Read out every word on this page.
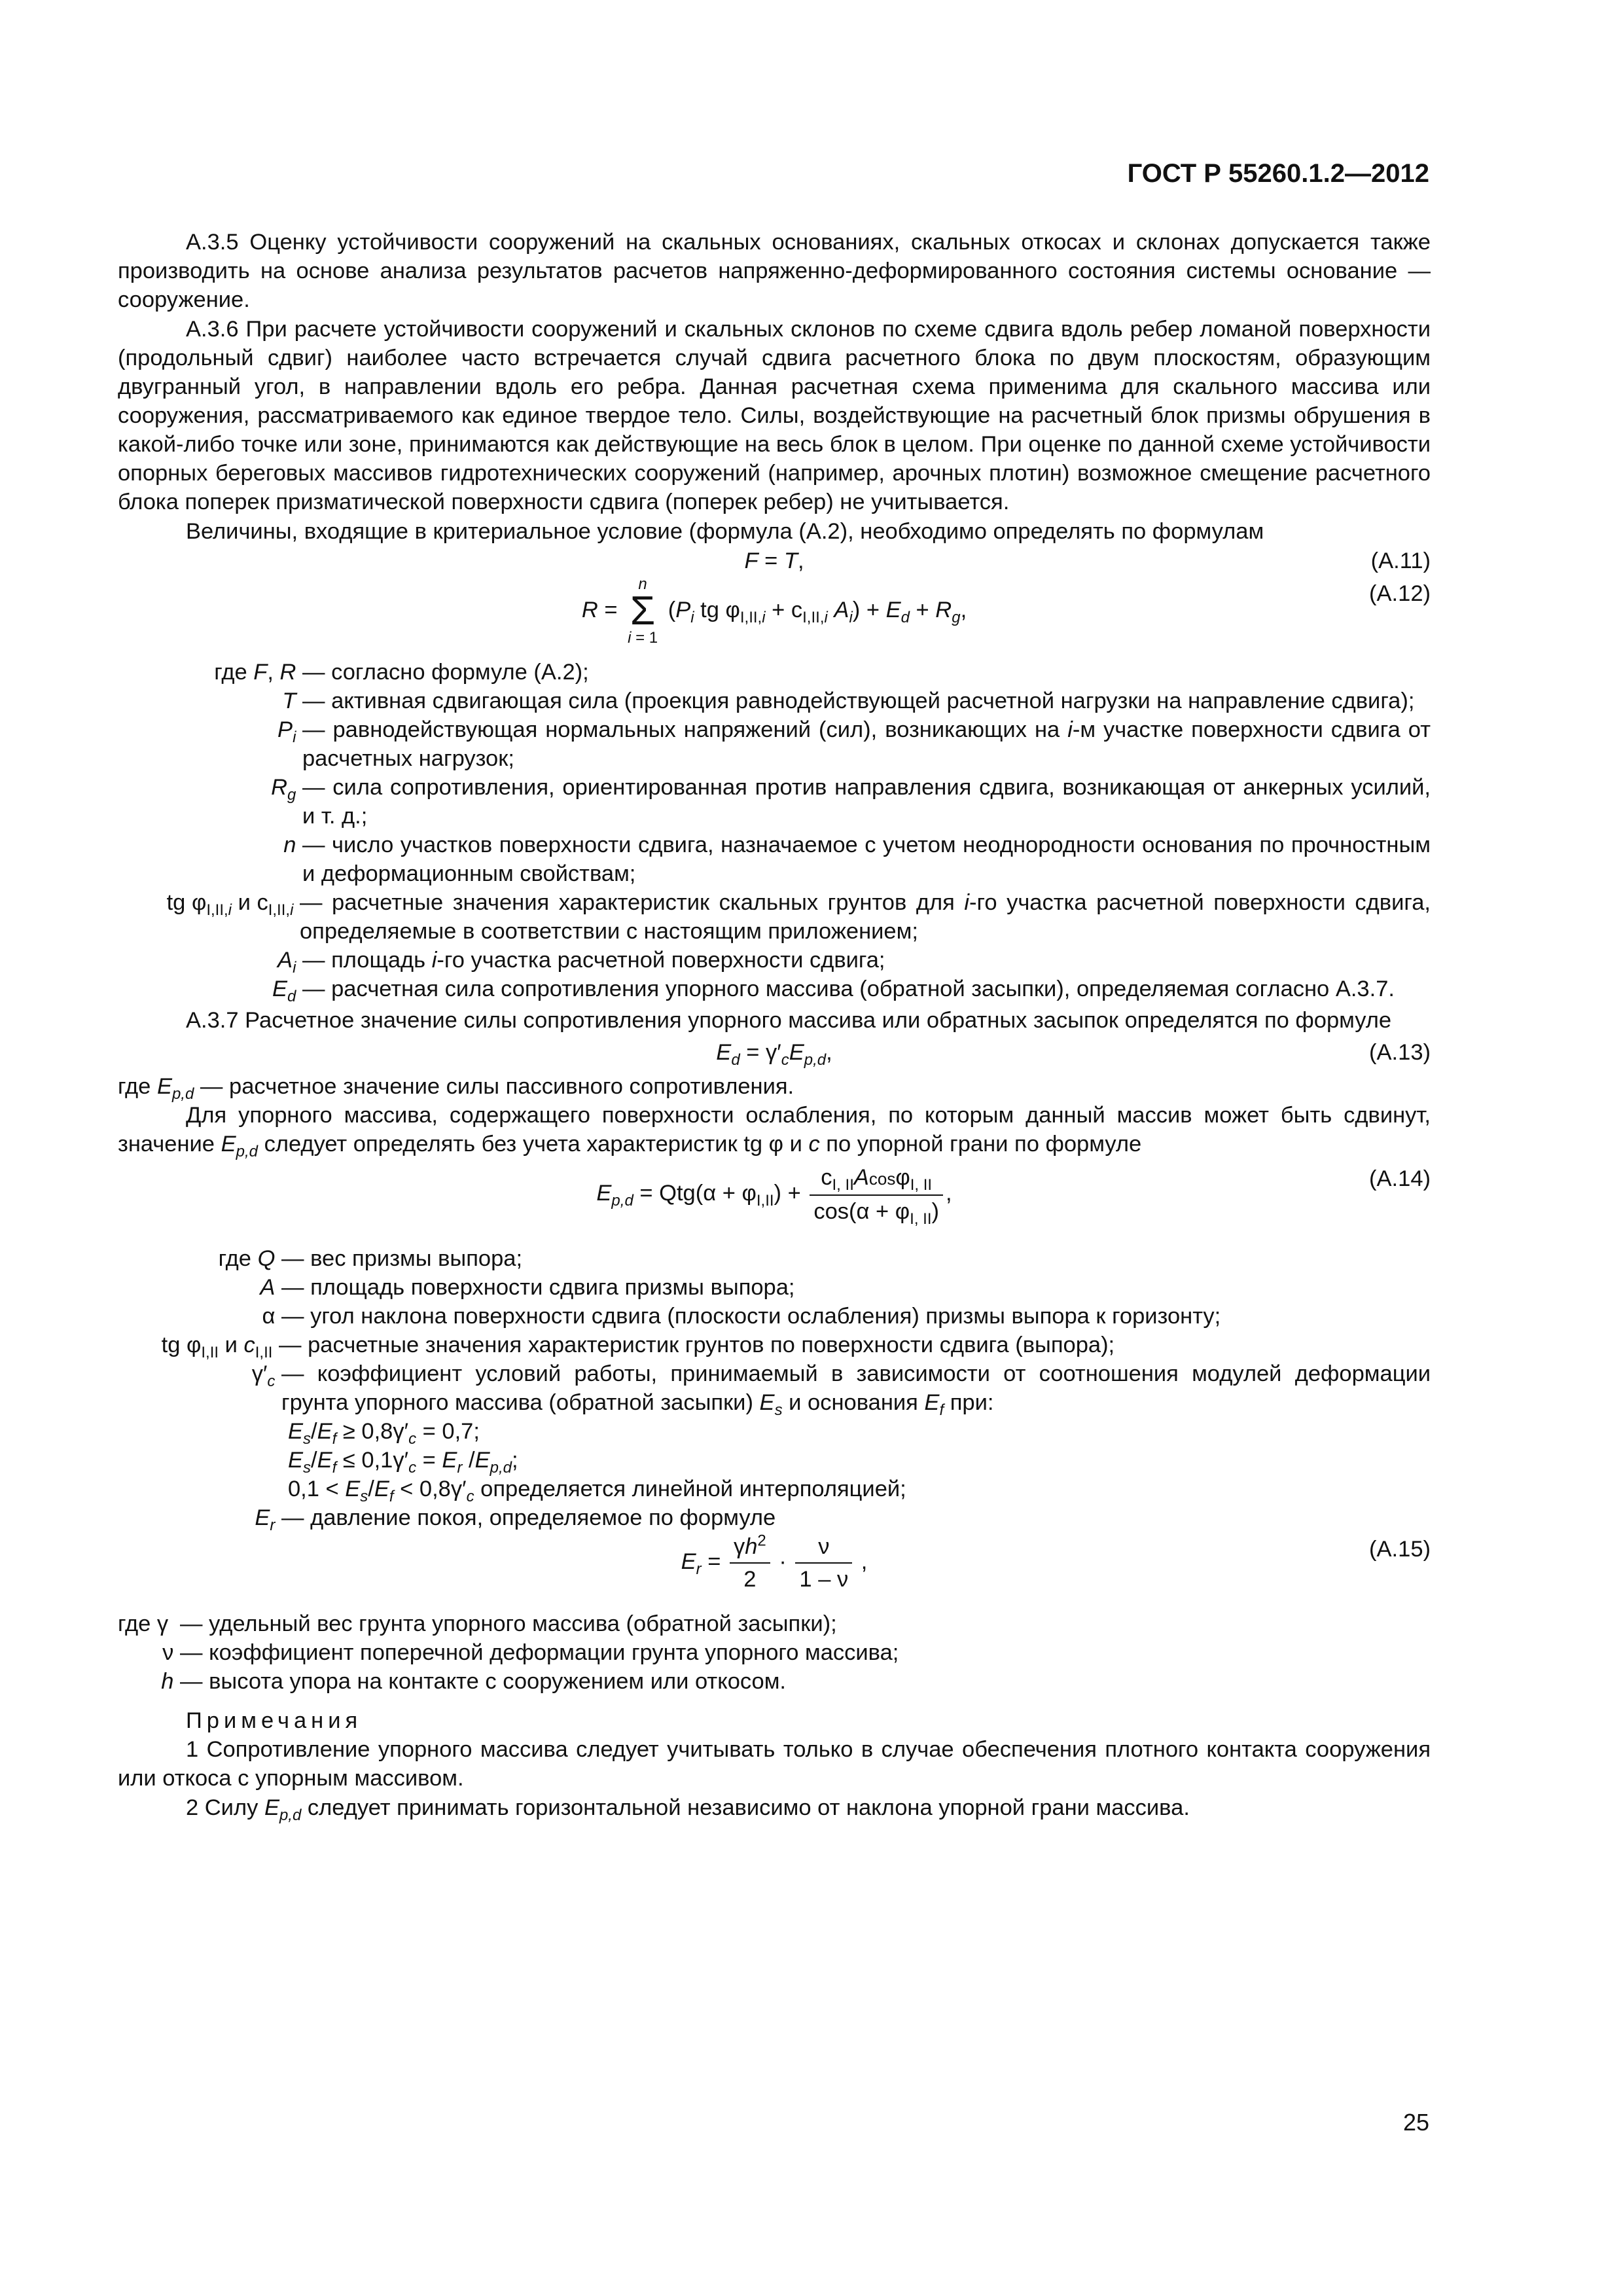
ГОСТ Р 55260.1.2—2012

А.3.5 Оценку устойчивости сооружений на скальных основаниях, скальных откосах и склонах допускается также производить на основе анализа результатов расчетов напряженно-деформированного состояния системы основание — сооружение.

А.3.6 При расчете устойчивости сооружений и скальных склонов по схеме сдвига вдоль ребер ломаной поверхности (продольный сдвиг) наиболее часто встречается случай сдвига расчетного блока по двум плоскостям, образующим двугранный угол, в направлении вдоль его ребра. Данная расчетная схема применима для скального массива или сооружения, рассматриваемого как единое твердое тело. Силы, воздействующие на расчетный блок призмы обрушения в какой-либо точке или зоне, принимаются как действующие на весь блок в целом. При оценке по данной схеме устойчивости опорных береговых массивов гидротехнических сооружений (например, арочных плотин) возможное смещение расчетного блока поперек призматической поверхности сдвига (поперек ребер) не учитывается.

Величины, входящие в критериальное условие (формула (А.2), необходимо определять по формулам

F = T,	(А.11)
R =
n
Σ
i = 1
($P_i$ tg $\varphi_{I,II,i} + c_{I,II,i}$ $A_i) + E_d + R_g$,
(А.12)
где F, R — согласно формуле (А.2);
T — активная сдвигающая сила (проекция равнодействующей расчетной нагрузки на направление сдвига);
$P_i$ — равнодействующая нормальных напряжений (сил), возникающих на i-м участке поверхности сдвига от расчетных нагрузок;
$R_g$ — сила сопротивления, ориентированная против направления сдвига, возникающая от анкерных усилий, и т. д.;
n — число участков поверхности сдвига, назначаемое с учетом неоднородности основания по прочностным и деформационным свойствам;
tg $\varphi_{I,II,i}$ и $c_{I,II,i}$ — расчетные значения характеристик скальных грунтов для i-го участка расчетной поверхности сдвига, определяемые в соответствии с настоящим приложением;
$A_i$ — площадь i-го участка расчетной поверхности сдвига;
$E_d$ — расчетная сила сопротивления упорного массива (обратной засыпки), определяемая согласно А.3.7.

А.3.7 Расчетное значение силы сопротивления упорного массива или обратных засыпок определятся по формуле

$E_d = \gamma'_cE_{p,d}$,	(А.13)

где $E_{p,d}$ — расчетное значение силы пассивного сопротивления.

Для упорного массива, содержащего поверхности ослабления, по которым данный массив может быть сдвинут, значение $E_{p,d}$ следует определять без учета характеристик tg φ и c по упорной грани по формуле

$E_{p,d} = Qtg(\alpha + \varphi_{I,II}) + \frac{c_{I, II}Acos\varphi_{I, II}}{\cos(\alpha + \varphi_{I, II})}$ ,
(А.14)
где Q — вес призмы выпора;
A — площадь поверхности сдвига призмы выпора;
α — угол наклона поверхности сдвига (плоскости ослабления) призмы выпора к горизонту;
tg $\varphi_{I,II}$ и $c_{I,II}$ — расчетные значения характеристик грунтов по поверхности сдвига (выпора);
$\gamma'_c$ — коэффициент условий работы, принимаемый в зависимости от соотношения модулей деформации грунта упорного массива (обратной засыпки) $E_s$ и основания $E_f$ при:
$E_s/E_f \ge 0,8\gamma'_c = 0,7$;
$E_s/E_f \le 0,1\gamma'_c = E_r$ $/E_{p,d}$;
$0,1 < E_s/E_f < 0,8\gamma'_c$ определяется линейной интерполяцией;
$E_r$ — давление покоя, определяемое по формуле
$E_r = \frac{\gamma h^2}{2} \cdot \frac{\nu}{1 - \nu}$ ,
(А.15)
где γ — удельный вес грунта упорного массива (обратной засыпки);
ν — коэффициент поперечной деформации грунта упорного массива;
h — высота упора на контакте с сооружением или откосом.
Примечания

1 Сопротивление упорного массива следует учитывать только в случае обеспечения плотного контакта сооружения или откоса с упорным массивом.

2 Силу $E_{p,d}$ следует принимать горизонтальной независимо от наклона упорной грани массива.

25
